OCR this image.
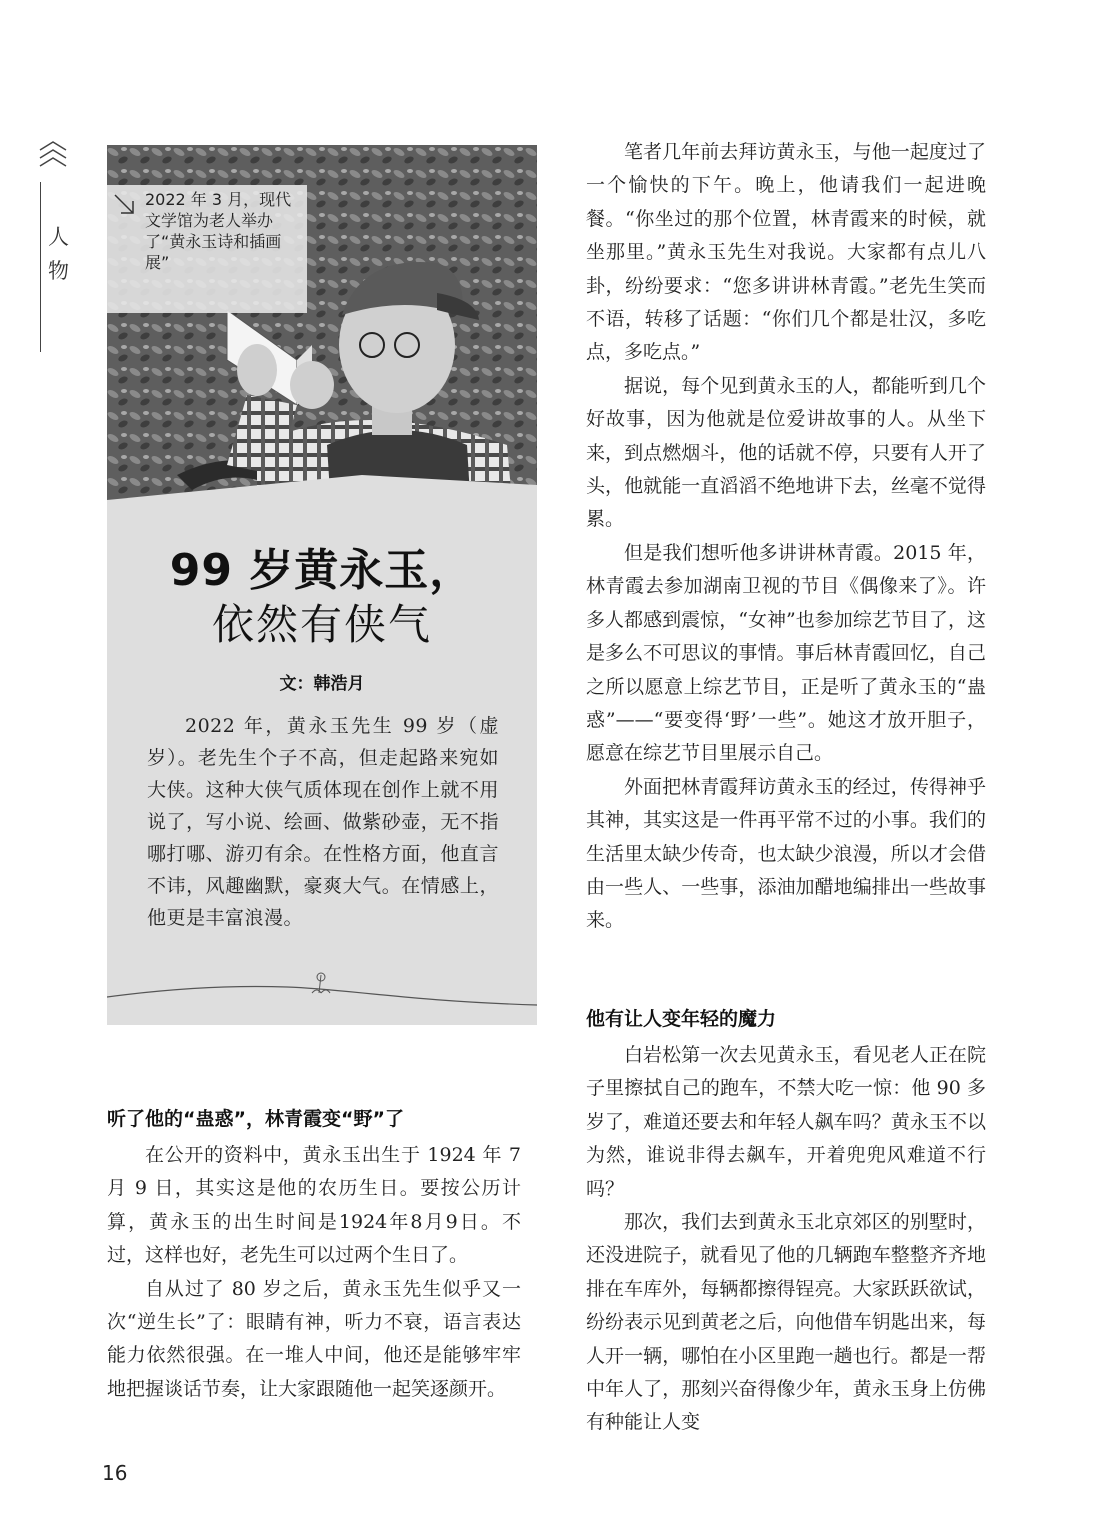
人物
2022 年 3 月，现代文学馆为老人举办了“黄永玉诗和插画展”
99 岁黄永玉，
依然有侠气
文：韩浩月
2022 年，黄永玉先生 99 岁（虚岁）。老先生个子不高，但走起路来宛如大侠。这种大侠气质体现在创作上就不用说了，写小说、绘画、做紫砂壶，无不指哪打哪、游刃有余。在性格方面，他直言不讳，风趣幽默，豪爽大气。在情感上，他更是丰富浪漫。
听了他的“蛊惑”，林青霞变“野”了

在公开的资料中，黄永玉出生于 1924 年 7 月 9 日，其实这是他的农历生日。要按公历计算，黄永玉的出生时间是1924年8月9日。不过，这样也好，老先生可以过两个生日了。

自从过了 80 岁之后，黄永玉先生似乎又一次“逆生长”了：眼睛有神，听力不衰，语言表达能力依然很强。在一堆人中间，他还是能够牢牢地把握谈话节奏，让大家跟随他一起笑逐颜开。

笔者几年前去拜访黄永玉，与他一起度过了一个愉快的下午。晚上，他请我们一起进晚餐。“你坐过的那个位置，林青霞来的时候，就坐那里。”黄永玉先生对我说。大家都有点儿八卦，纷纷要求：“您多讲讲林青霞。”老先生笑而不语，转移了话题：“你们几个都是壮汉，多吃点，多吃点。”

据说，每个见到黄永玉的人，都能听到几个好故事，因为他就是位爱讲故事的人。从坐下来，到点燃烟斗，他的话就不停，只要有人开了头，他就能一直滔滔不绝地讲下去，丝毫不觉得累。

但是我们想听他多讲讲林青霞。2015 年，林青霞去参加湖南卫视的节目《偶像来了》。许多人都感到震惊，“女神”也参加综艺节目了，这是多么不可思议的事情。事后林青霞回忆，自己之所以愿意上综艺节目，正是听了黄永玉的“蛊惑”——“要变得‘野’一些”。她这才放开胆子，愿意在综艺节目里展示自己。

外面把林青霞拜访黄永玉的经过，传得神乎其神，其实这是一件再平常不过的小事。我们的生活里太缺少传奇，也太缺少浪漫，所以才会借由一些人、一些事，添油加醋地编排出一些故事来。

他有让人变年轻的魔力

白岩松第一次去见黄永玉，看见老人正在院子里擦拭自己的跑车，不禁大吃一惊：他 90 多岁了，难道还要去和年轻人飙车吗？黄永玉不以为然，谁说非得去飙车，开着兜兜风难道不行吗？

那次，我们去到黄永玉北京郊区的别墅时，还没进院子，就看见了他的几辆跑车整整齐齐地排在车库外，每辆都擦得锃亮。大家跃跃欲试，纷纷表示见到黄老之后，向他借车钥匙出来，每人开一辆，哪怕在小区里跑一趟也行。都是一帮中年人了，那刻兴奋得像少年，黄永玉身上仿佛有种能让人变

16
